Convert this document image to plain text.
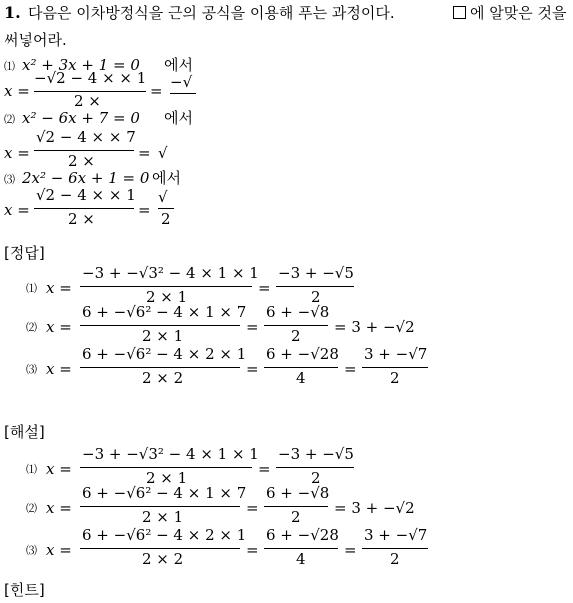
1. 다음은 이차방정식을 근의 공식을 이용해 푸는 과정이다.	에 알맞은 것을
써넣어라.
⑴ x² + 3x + 1 = 0 에서
x =
−√2 − 4 × × 1
2 ×
= −√
⑵ x² − 6x + 7 = 0 에서
x =
√2 − 4 × × 7
2 ×	= √
⑶ 2x² − 6x + 1 = 0 에서
x =
√2 − 4 × × 1
2 ×	=
√
2
[정답]
⑴ x =
−3 + −√3² − 4 × 1 × 1
2 × 1	=
−3 + −√5
2
⑵ x =
6 + −√6² − 4 × 1 × 7
2 × 1	=
6 + −√8
2 = 3 + −√2
⑶ x =
6 + −√6² − 4 × 2 × 1
2 × 2	=
6 + −√28
4	=
3 + −√7
2
[해설]
⑴ x =
−3 + −√3² − 4 × 1 × 1
2 × 1	=
−3 + −√5
2
⑵ x =
6 + −√6² − 4 × 1 × 7
2 × 1	=
6 + −√8
2 = 3 + −√2
⑶ x =
6 + −√6² − 4 × 2 × 1
2 × 2	=
6 + −√28
4	=
3 + −√7
2
[힌트]
